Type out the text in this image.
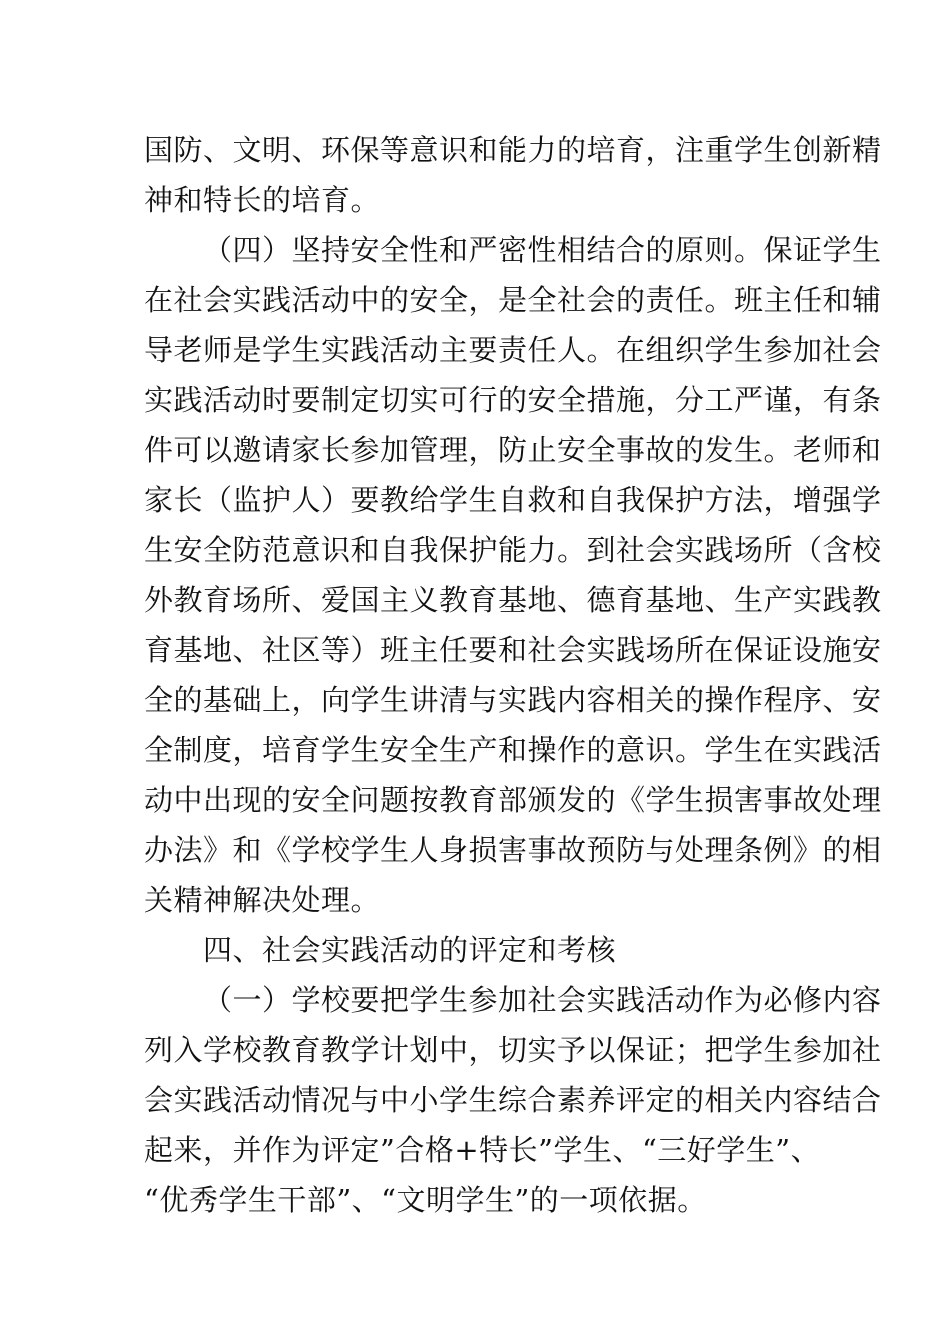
国防、文明、环保等意识和能力的培育，注重学生创新精
神和特长的培育。
（四）坚持安全性和严密性相结合的原则。保证学生
在社会实践活动中的安全，是全社会的责任。班主任和辅
导老师是学生实践活动主要责任人。在组织学生参加社会
实践活动时要制定切实可行的安全措施，分工严谨，有条
件可以邀请家长参加管理，防止安全事故的发生。老师和
家长（监护人）要教给学生自救和自我保护方法，增强学
生安全防范意识和自我保护能力。到社会实践场所（含校
外教育场所、爱国主义教育基地、德育基地、生产实践教
育基地、社区等）班主任要和社会实践场所在保证设施安
全的基础上，向学生讲清与实践内容相关的操作程序、安
全制度，培育学生安全生产和操作的意识。学生在实践活
动中出现的安全问题按教育部颁发的《学生损害事故处理
办法》和《学校学生人身损害事故预防与处理条例》的相
关精神解决处理。
四、社会实践活动的评定和考核
（一）学校要把学生参加社会实践活动作为必修内容
列入学校教育教学计划中，切实予以保证；把学生参加社
会实践活动情况与中小学生综合素养评定的相关内容结合
起来，并作为评定”合格+特长”学生、“三好学生”、
“优秀学生干部”、“文明学生”的一项依据。
